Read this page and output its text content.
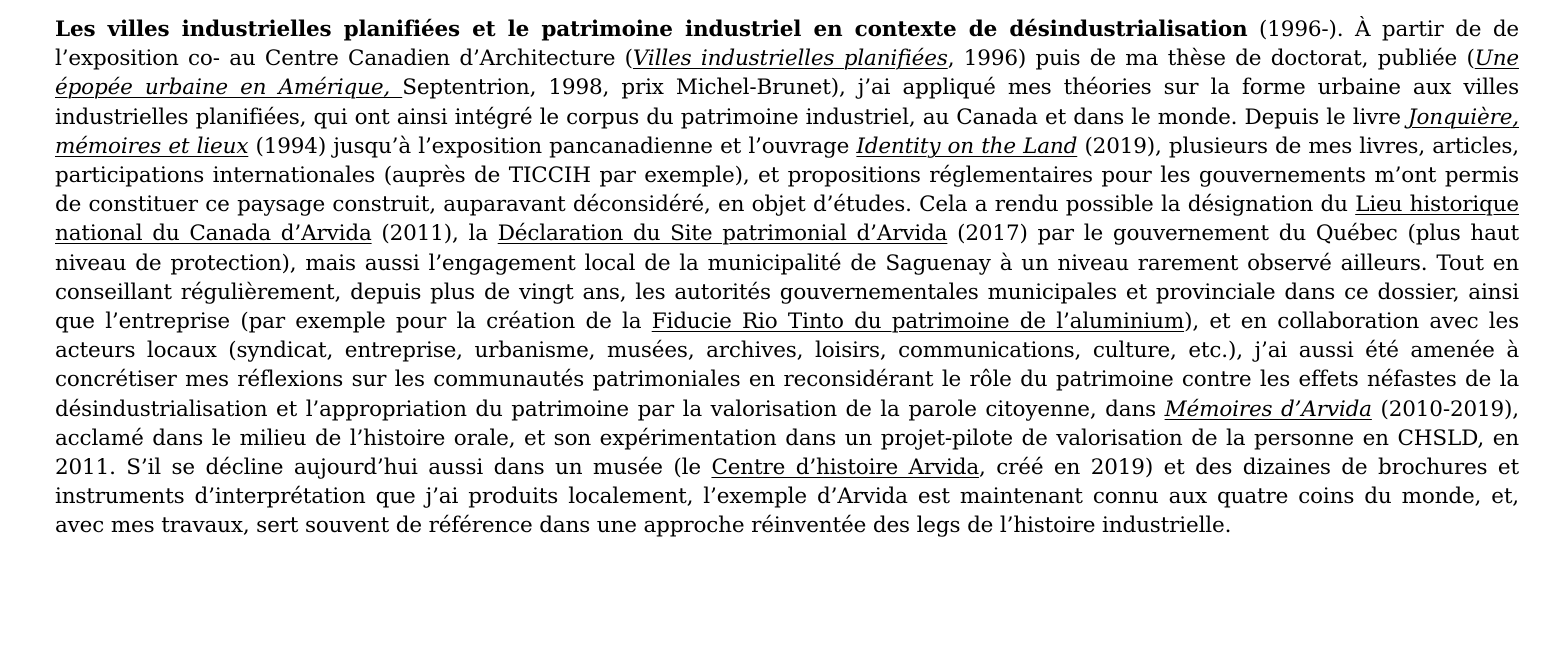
Les villes industrielles planifiées et le patrimoine industriel en contexte de désindustrialisation (1996-). À partir de de l’exposition co- au Centre Canadien d’Architecture (Villes industrielles planifiées, 1996) puis de ma thèse de doctorat, publiée (Une épopée urbaine en Amérique, Septentrion, 1998, prix Michel-Brunet), j’ai appliqué mes théories sur la forme urbaine aux villes industrielles planifiées, qui ont ainsi intégré le corpus du patrimoine industriel, au Canada et dans le monde. Depuis le livre Jonquière, mémoires et lieux (1994) jusqu’à l’exposition pancanadienne et l’ouvrage Identity on the Land (2019), plusieurs de mes livres, articles, participations internationales (auprès de TICCIH par exemple), et propositions réglementaires pour les gouvernements m’ont permis de constituer ce paysage construit, auparavant déconsidéré, en objet d’études. Cela a rendu possible la désignation du Lieu historique national du Canada d’Arvida (2011), la Déclaration du Site patrimonial d’Arvida (2017) par le gouvernement du Québec (plus haut niveau de protection), mais aussi l’engagement local de la municipalité de Saguenay à un niveau rarement observé ailleurs. Tout en conseillant régulièrement, depuis plus de vingt ans, les autorités gouvernementales municipales et provinciale dans ce dossier, ainsi que l’entreprise (par exemple pour la création de la Fiducie Rio Tinto du patrimoine de l’aluminium), et en collaboration avec les acteurs locaux (syndicat, entreprise, urbanisme, musées, archives, loisirs, communications, culture, etc.), j’ai aussi été amenée à concrétiser mes réflexions sur les communautés patrimoniales en reconsidérant le rôle du patrimoine contre les effets néfastes de la désindustrialisation et l’appropriation du patrimoine par la valorisation de la parole citoyenne, dans Mémoires d’Arvida (2010-2019), acclamé dans le milieu de l’histoire orale, et son expérimentation dans un projet-pilote de valorisation de la personne en CHSLD, en 2011. S’il se décline aujourd’hui aussi dans un musée (le Centre d’histoire Arvida, créé en 2019) et des dizaines de brochures et instruments d’interprétation que j’ai produits localement, l’exemple d’Arvida est maintenant connu aux quatre coins du monde, et, avec mes travaux, sert souvent de référence dans une approche réinventée des legs de l’histoire industrielle.
